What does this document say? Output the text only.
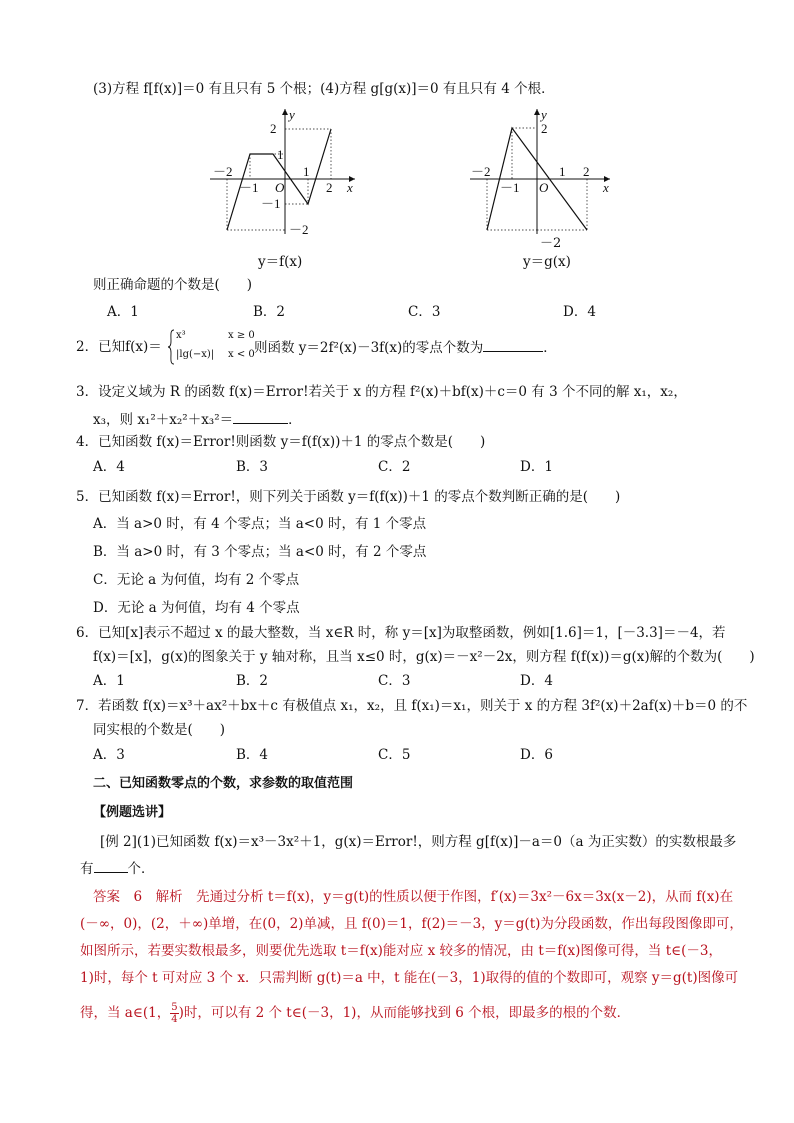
(3)方程 f[f(x)]＝0 有且只有 5 个根；(4)方程 g[g(x)]＝0 有且只有 4 个根．
y
x
O
2
1
－2
－1
1
2
－1
－2
y＝f(x)
y
x
O
2
－2
－1
1 2
－2
y＝g(x)
则正确命题的个数是(　　)
A．1	B．2	C．3	D．4
2．已知f(x)＝
x³	x ≥ 0
|lg(−x)| x < 0 则函数 y＝2f²(x)－3f(x)的零点个数为	．
3．设定义域为 R 的函数 f(x)＝Error!若关于 x 的方程 f²(x)＋bf(x)＋c＝0 有 3 个不同的解 x₁，x₂，
x₃，则 x₁²＋x₂²＋x₃²＝	．
4．已知函数 f(x)＝Error!则函数 y＝f(f(x))＋1 的零点个数是(　　)
A．4	B．3	C．2	D．1
5．已知函数 f(x)＝Error!，则下列关于函数 y＝f(f(x))＋1 的零点个数判断正确的是(　　)
A．当 a>0 时，有 4 个零点；当 a<0 时，有 1 个零点
B．当 a>0 时，有 3 个零点；当 a<0 时，有 2 个零点
C．无论 a 为何值，均有 2 个零点
D．无论 a 为何值，均有 4 个零点
6．已知[x]表示不超过 x 的最大整数，当 x∈R 时，称 y＝[x]为取整函数，例如[1.6]＝1，[－3.3]＝－4，若
f(x)＝[x]，g(x)的图象关于 y 轴对称，且当 x≤0 时，g(x)＝－x²－2x，则方程 f(f(x))＝g(x)解的个数为(　　)
A．1	B．2	C．3	D．4
7．若函数 f(x)＝x³＋ax²＋bx＋c 有极值点 x₁，x₂，且 f(x₁)＝x₁，则关于 x 的方程 3f²(x)＋2af(x)＋b＝0 的不
同实根的个数是(　　)
A．3	B．4	C．5	D．6
二、已知函数零点的个数，求参数的取值范围
【例题选讲】
[例 2](1)已知函数 f(x)＝x³－3x²＋1，g(x)＝Error!，则方程 g[f(x)]－a＝0（a 为正实数）的实数根最多
有	个．
答案　6　解析　先通过分析 t＝f(x)，y＝g(t)的性质以便于作图，f′(x)＝3x²－6x＝3x(x－2)，从而 f(x)在
(－∞，0)，(2，＋∞)单增，在(0，2)单减，且 f(0)＝1，f(2)＝－3，y＝g(t)为分段函数，作出每段图像即可，
如图所示，若要实数根最多，则要优先选取 t＝f(x)能对应 x 较多的情况，由 t＝f(x)图像可得，当 t∈(－3，
1)时，每个 t 可对应 3 个 x．只需判断 g(t)＝a 中，t 能在(－3，1)取得的值的个数即可，观察 y＝g(t)图像可
得，当 a∈(1， $\frac{5}{4}$ )时，可以有 2 个 t∈(－3，1)，从而能够找到 6 个根，即最多的根的个数．
